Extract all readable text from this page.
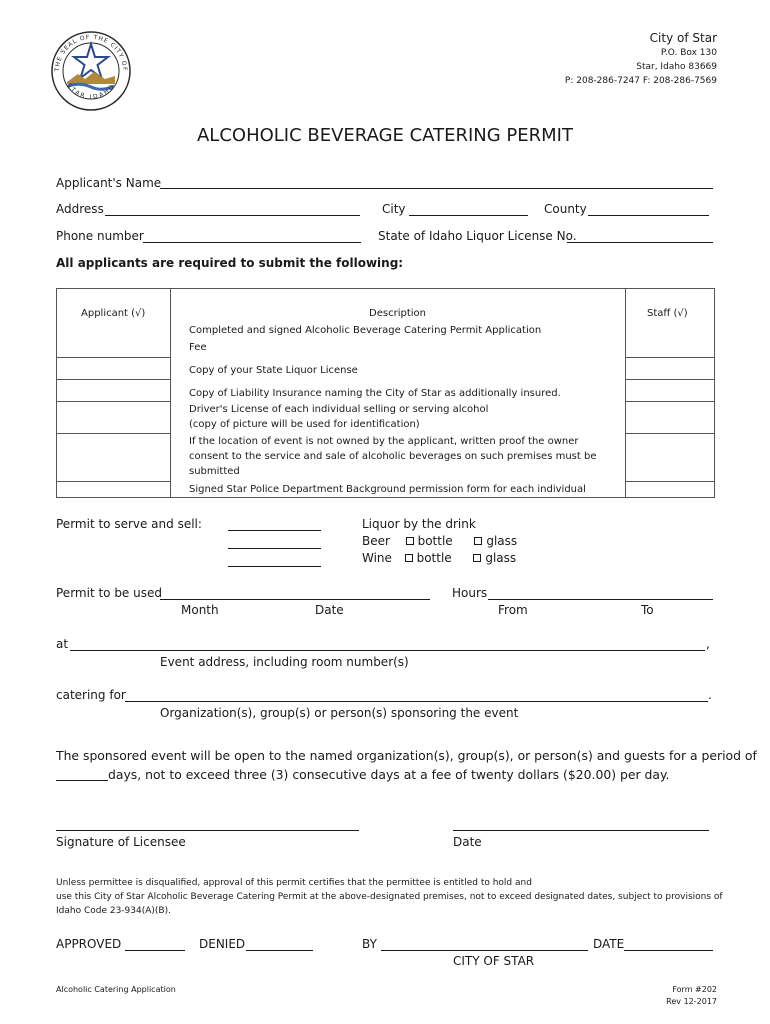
THE SEAL OF THE CITY OF
STAR IDAHO
City of Star
P.O. Box 130
Star, Idaho 83669
P: 208-286-7247 F: 208-286-7569
ALCOHOLIC BEVERAGE CATERING PERMIT
Applicant's Name
Address	City	County
Phone number	State of Idaho Liquor License No.
All applicants are required to submit the following:
Applicant (√)	Description	Staff (√)
Completed and signed Alcoholic Beverage Catering Permit Application
Fee
Copy of your State Liquor License
Copy of Liability Insurance naming the City of Star as additionally insured.
Driver's License of each individual selling or serving alcohol
(copy of picture will be used for identification)
If the location of event is not owned by the applicant, written proof the owner
consent to the service and sale of alcoholic beverages on such premises must be
submitted
Signed Star Police Department Background permission form for each individual
Permit to serve and sell:	Liquor by the drink
Beer bottle	glass
Wine bottle	glass
Permit to be used	Hours
Month	Date	From	To
at	,
Event address, including room number(s)
catering for	.
Organization(s), group(s) or person(s) sponsoring the event
The sponsored event will be open to the named organization(s), group(s), or person(s) and guests for a period of
days, not to exceed three (3) consecutive days at a fee of twenty dollars ($20.00) per day.
Signature of Licensee	Date
Unless permittee is disqualified, approval of this permit certifies that the permittee is entitled to hold and
use this City of Star Alcoholic Beverage Catering Permit at the above-designated premises, not to exceed designated dates, subject to provisions of
Idaho Code 23-934(A)(B).
APPROVED	DENIED	BY	DATE
CITY OF STAR
Alcoholic Catering Application	Form #202
Rev 12-2017
